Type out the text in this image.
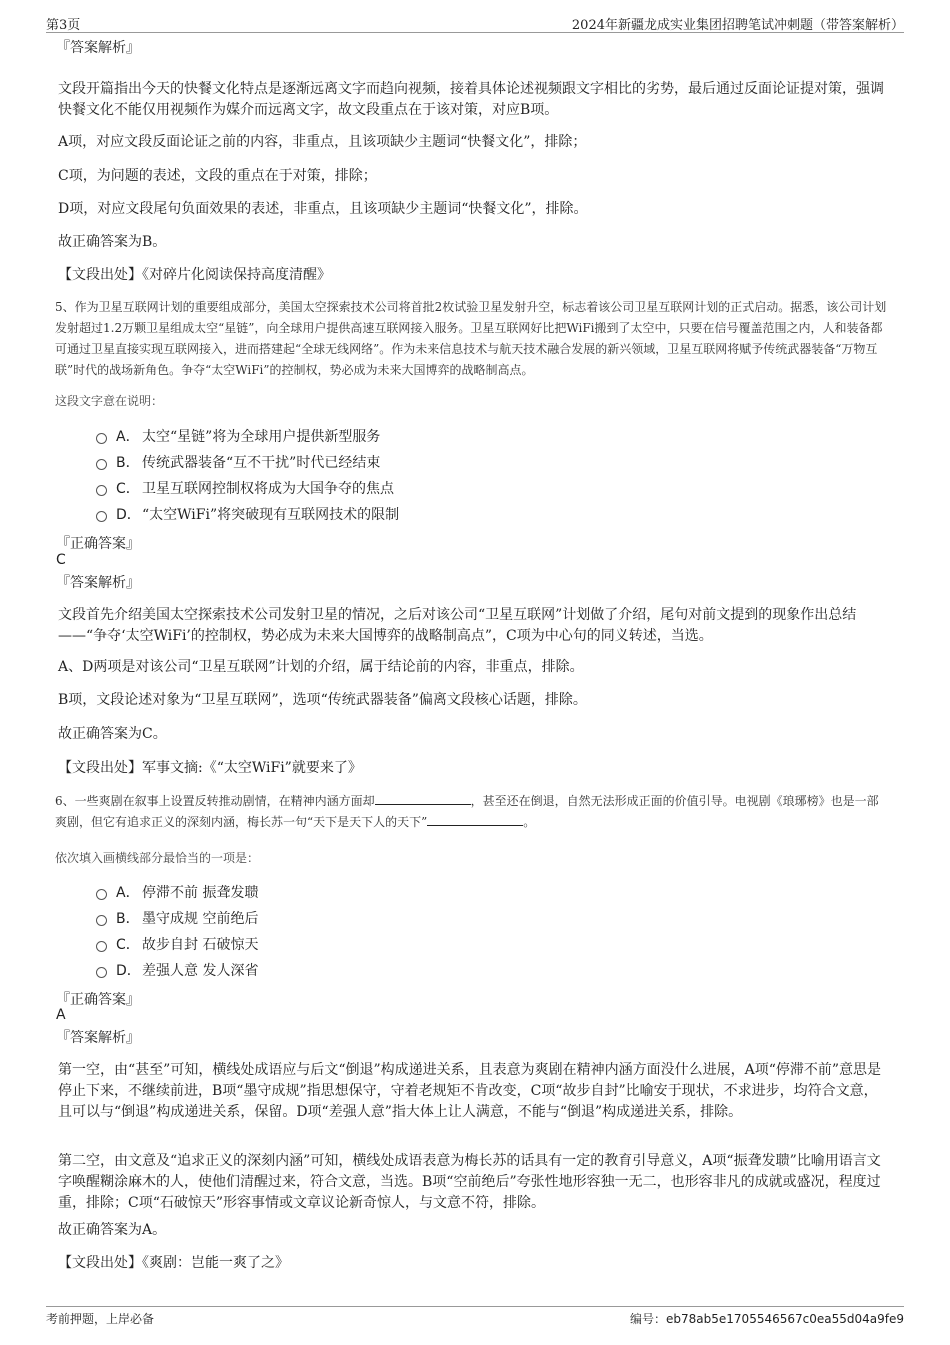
第3页	2024年新疆龙成实业集团招聘笔试冲刺题（带答案解析）
『答案解析』
文段开篇指出今天的快餐文化特点是逐渐远离文字而趋向视频，接着具体论述视频跟文字相比的劣势，最后通过反面论证提对策，强调快餐文化不能仅用视频作为媒介而远离文字，故文段重点在于该对策，对应B项。
A项，对应文段反面论证之前的内容，非重点，且该项缺少主题词“快餐文化”，排除；
C项，为问题的表述，文段的重点在于对策，排除；
D项，对应文段尾句负面效果的表述，非重点，且该项缺少主题词“快餐文化”，排除。
故正确答案为B。
【文段出处】《对碎片化阅读保持高度清醒》
5、作为卫星互联网计划的重要组成部分，美国太空探索技术公司将首批2枚试验卫星发射升空，标志着该公司卫星互联网计划的正式启动。据悉，该公司计划发射超过1.2万颗卫星组成太空“星链”，向全球用户提供高速互联网接入服务。卫星互联网好比把WiFi搬到了太空中，只要在信号覆盖范围之内，人和装备都可通过卫星直接实现互联网接入，进而搭建起“全球无线网络”。作为未来信息技术与航天技术融合发展的新兴领域，卫星互联网将赋予传统武器装备“万物互联”时代的战场新角色。争夺“太空WiFi”的控制权，势必成为未来大国博弈的战略制高点。
这段文字意在说明：
A． 太空“星链”将为全球用户提供新型服务
B． 传统武器装备“互不干扰”时代已经结束
C． 卫星互联网控制权将成为大国争夺的焦点
D． “太空WiFi”将突破现有互联网技术的限制
『正确答案』
C
『答案解析』
文段首先介绍美国太空探索技术公司发射卫星的情况，之后对该公司“卫星互联网”计划做了介绍，尾句对前文提到的现象作出总结——“争夺‘太空WiFi’的控制权，势必成为未来大国博弈的战略制高点”，C项为中心句的同义转述，当选。
A、D两项是对该公司“卫星互联网”计划的介绍，属于结论前的内容，非重点，排除。
B项，文段论述对象为“卫星互联网”，选项“传统武器装备”偏离文段核心话题，排除。
故正确答案为C。
【文段出处】军事文摘:《“太空WiFi”就要来了》
6、一些爽剧在叙事上设置反转推动剧情，在精神内涵方面却	，甚至还在倒退，自然无法形成正面的价值引导。电视剧《琅琊榜》也是一部爽剧，但它有追求正义的深刻内涵，梅长苏一句“天下是天下人的天下”	。
依次填入画横线部分最恰当的一项是：
A． 停滞不前 振聋发聩
B． 墨守成规 空前绝后
C． 故步自封 石破惊天
D． 差强人意 发人深省
『正确答案』
A
『答案解析』
第一空，由“甚至”可知，横线处成语应与后文“倒退”构成递进关系，且表意为爽剧在精神内涵方面没什么进展，A项“停滞不前”意思是停止下来，不继续前进，B项“墨守成规”指思想保守，守着老规矩不肯改变，C项“故步自封”比喻安于现状，不求进步，均符合文意，且可以与“倒退”构成递进关系，保留。D项“差强人意”指大体上让人满意，不能与“倒退”构成递进关系，排除。
第二空，由文意及“追求正义的深刻内涵”可知，横线处成语表意为梅长苏的话具有一定的教育引导意义，A项“振聋发聩”比喻用语言文字唤醒糊涂麻木的人，使他们清醒过来，符合文意，当选。B项“空前绝后”夸张性地形容独一无二，也形容非凡的成就或盛况，程度过重，排除；C项“石破惊天”形容事情或文章议论新奇惊人，与文意不符，排除。
故正确答案为A。
【文段出处】《爽剧：岂能一爽了之》
考前押题，上岸必备	编号：eb78ab5e1705546567c0ea55d04a9fe9
